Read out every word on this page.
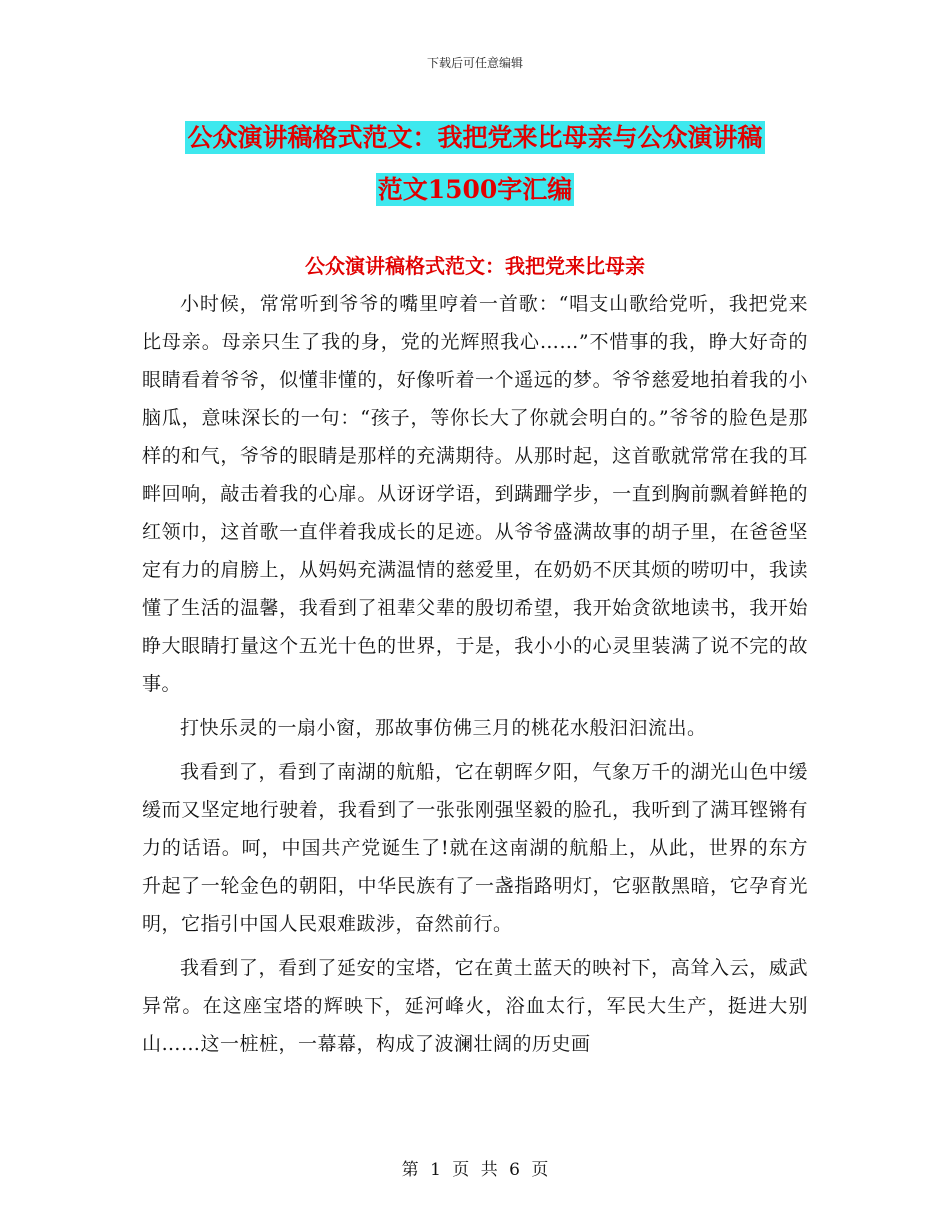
下载后可任意编辑
公众演讲稿格式范文：我把党来比母亲与公众演讲稿
范文1500字汇编
公众演讲稿格式范文：我把党来比母亲

小时候，常常听到爷爷的嘴里哼着一首歌：“唱支山歌给党听，我把党来比母亲。母亲只生了我的身，党的光辉照我心……”不惜事的我，睁大好奇的眼睛看着爷爷，似懂非懂的，好像听着一个遥远的梦。爷爷慈爱地拍着我的小脑瓜，意味深长的一句：“孩子，等你长大了你就会明白的。”爷爷的脸色是那样的和气，爷爷的眼睛是那样的充满期待。从那时起，这首歌就常常在我的耳畔回响，敲击着我的心扉。从讶讶学语，到蹒跚学步，一直到胸前飘着鲜艳的红领巾，这首歌一直伴着我成长的足迹。从爷爷盛满故事的胡子里，在爸爸坚定有力的肩膀上，从妈妈充满温情的慈爱里，在奶奶不厌其烦的唠叨中，我读懂了生活的温馨，我看到了祖辈父辈的殷切希望，我开始贪欲地读书，我开始睁大眼睛打量这个五光十色的世界，于是，我小小的心灵里装满了说不完的故事。

打快乐灵的一扇小窗，那故事仿佛三月的桃花水般汩汩流出。

我看到了，看到了南湖的航船，它在朝晖夕阳，气象万千的湖光山色中缓缓而又坚定地行驶着，我看到了一张张刚强坚毅的脸孔，我听到了满耳铿锵有力的话语。呵，中国共产党诞生了!就在这南湖的航船上，从此，世界的东方升起了一轮金色的朝阳，中华民族有了一盏指路明灯，它驱散黑暗，它孕育光明，它指引中国人民艰难跋涉，奋然前行。

我看到了，看到了延安的宝塔，它在黄土蓝天的映衬下，高耸入云，威武异常。在这座宝塔的辉映下，延河峰火，浴血太行，军民大生产，挺进大别山……这一桩桩，一幕幕，构成了波澜壮阔的历史画

第 1 页 共 6 页
